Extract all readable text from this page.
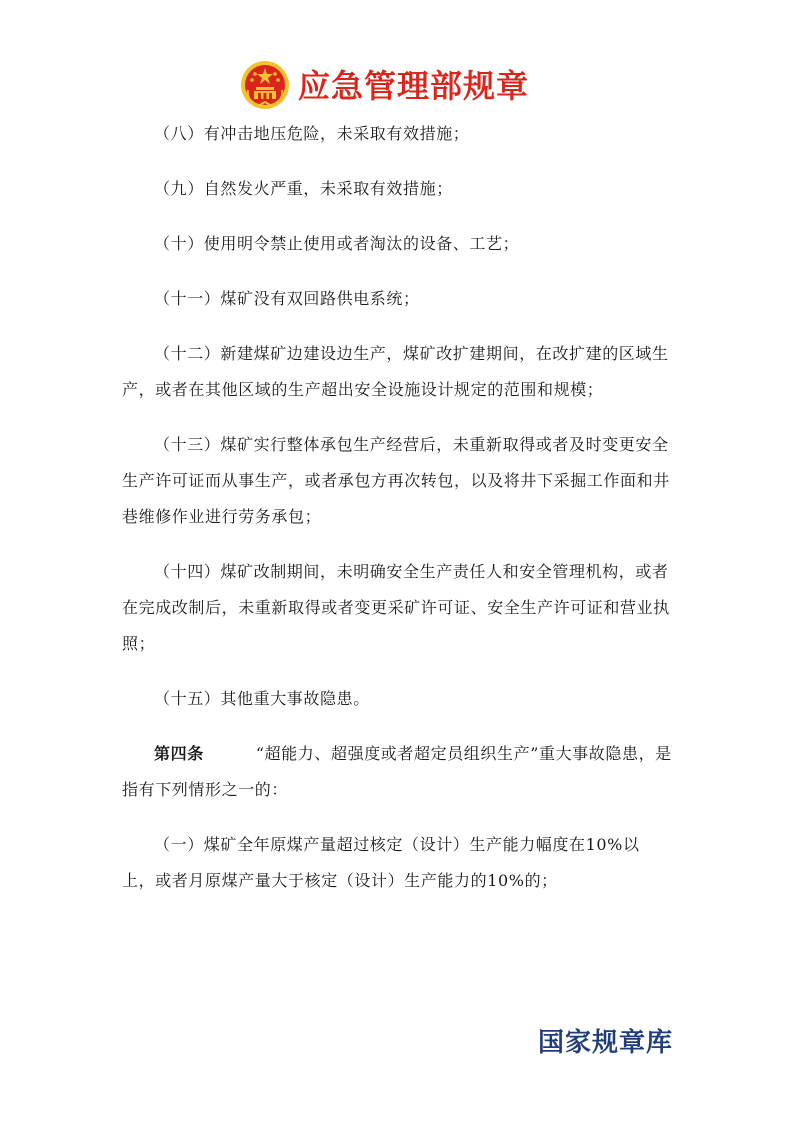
应急管理部规章

（八）有冲击地压危险，未采取有效措施；

（九）自然发火严重，未采取有效措施；

（十）使用明令禁止使用或者淘汰的设备、工艺；

（十一）煤矿没有双回路供电系统；

（十二）新建煤矿边建设边生产，煤矿改扩建期间，在改扩建的区域生产，或者在其他区域的生产超出安全设施设计规定的范围和规模；

（十三）煤矿实行整体承包生产经营后，未重新取得或者及时变更安全生产许可证而从事生产，或者承包方再次转包，以及将井下采掘工作面和井巷维修作业进行劳务承包；

（十四）煤矿改制期间，未明确安全生产责任人和安全管理机构，或者在完成改制后，未重新取得或者变更采矿许可证、安全生产许可证和营业执照；

（十五）其他重大事故隐患。

第四条	“超能力、超强度或者超定员组织生产”重大事故隐患，是指有下列情形之一的：

（一）煤矿全年原煤产量超过核定（设计）生产能力幅度在10%以上，或者月原煤产量大于核定（设计）生产能力的10%的；

国家规章库
